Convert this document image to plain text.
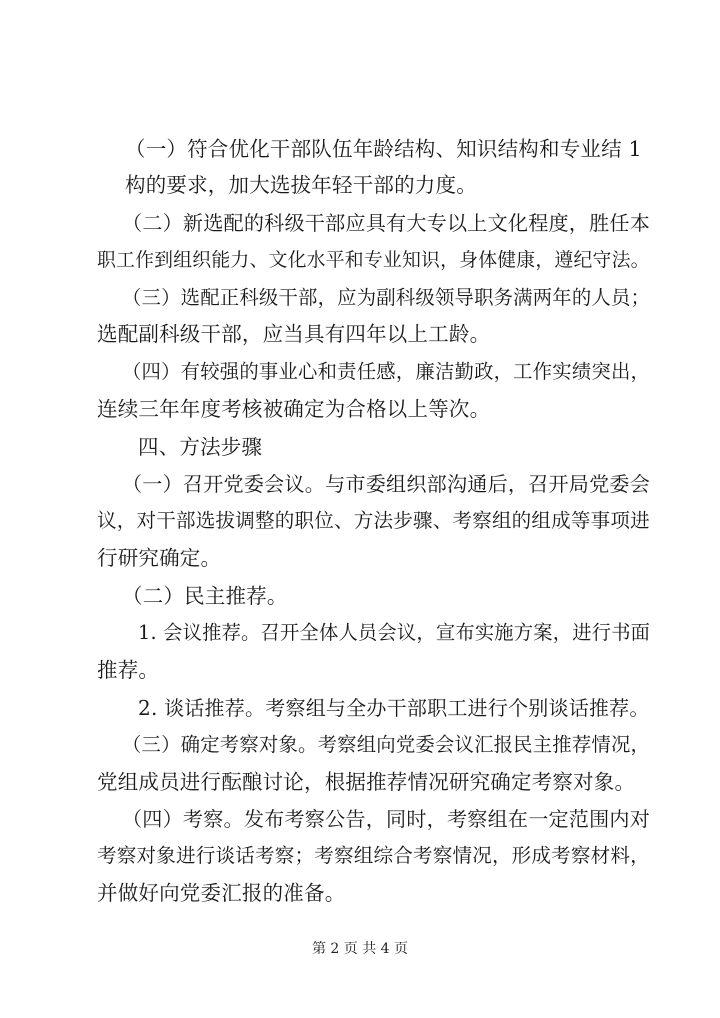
（一）符合优化干部队伍年龄结构、知识结构和专业结 1
构的要求，加大选拔年轻干部的力度。
（二）新选配的科级干部应具有大专以上文化程度，胜任本
职工作到组织能力、文化水平和专业知识，身体健康，遵纪守法。
（三）选配正科级干部，应为副科级领导职务满两年的人员；
选配副科级干部，应当具有四年以上工龄。
（四）有较强的事业心和责任感，廉洁勤政，工作实绩突出，
连续三年年度考核被确定为合格以上等次。
四、方法步骤
（一）召开党委会议。与市委组织部沟通后，召开局党委会
议，对干部选拔调整的职位、方法步骤、考察组的组成等事项进
行研究确定。
（二）民主推荐。
1. 会议推荐。召开全体人员会议，宣布实施方案，进行书面
推荐。
2. 谈话推荐。考察组与全办干部职工进行个别谈话推荐。
（三）确定考察对象。考察组向党委会议汇报民主推荐情况，
党组成员进行酝酿讨论，根据推荐情况研究确定考察对象。
（四）考察。发布考察公告，同时，考察组在一定范围内对
考察对象进行谈话考察；考察组综合考察情况，形成考察材料，
并做好向党委汇报的准备。
第 2 页 共 4 页
